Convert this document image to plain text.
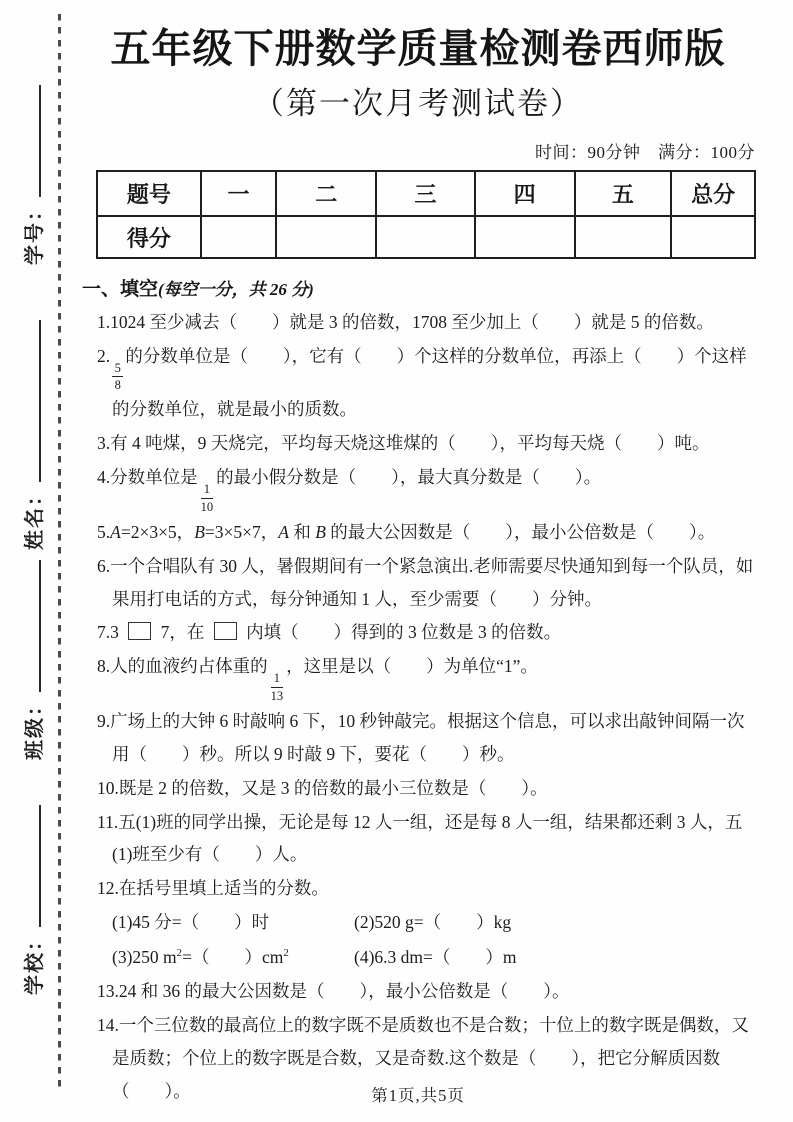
学号：
姓名：
班级：
学校：
五年级下册数学质量检测卷西师版
（第一次月考测试卷）
时间：90分钟　满分：100分
题号	一	二	三	四	五	总分
得分						
一、填空(每空一分，共 26 分)
1.1024 至少减去（　　）就是 3 的倍数，1708 至少加上（　　）就是 5 的倍数。
2.
$\frac{5}{8}$
的分数单位是（　　），它有（　　）个这样的分数单位，再添上（　　）个这样的分数单位，就是最小的质数。
3.有 4 吨煤，9 天烧完，平均每天烧这堆煤的（　　），平均每天烧（　　）吨。
4.分数单位是
$\frac{1}{10}$
的最小假分数是（　　），最大真分数是（　　）。
5.A=2×3×5，B=3×5×7，A 和 B 的最大公因数是（　　），最小公倍数是（　　）。
6.一个合唱队有 30 人，暑假期间有一个紧急演出.老师需要尽快通知到每一个队员，如果用打电话的方式，每分钟通知 1 人，至少需要（　　）分钟。
7.3  7，在  内填（　　）得到的 3 位数是 3 的倍数。
8.人的血液约占体重的
$\frac{1}{13}$
，这里是以（　　）为单位“1”。
9.广场上的大钟 6 时敲响 6 下，10 秒钟敲完。根据这个信息，可以求出敲钟间隔一次用（　　）秒。所以 9 时敲 9 下，要花（　　）秒。
10.既是 2 的倍数，又是 3 的倍数的最小三位数是（　　）。
11.五(1)班的同学出操，无论是每 12 人一组，还是每 8 人一组，结果都还剩 3 人，五(1)班至少有（　　）人。
12.在括号里填上适当的分数。
(1)45 分=（　　）时	(2)520 g=（　　）kg
(3)250 $m^2=$（　　）$cm^2$	(4)6.3 dm=（　　）m
13.24 和 36 的最大公因数是（　　），最小公倍数是（　　）。
14.一个三位数的最高位上的数字既不是质数也不是合数；十位上的数字既是偶数，又是质数；个位上的数字既是合数，又是奇数.这个数是（　　），把它分解质因数（　　）。	第1页,共5页
